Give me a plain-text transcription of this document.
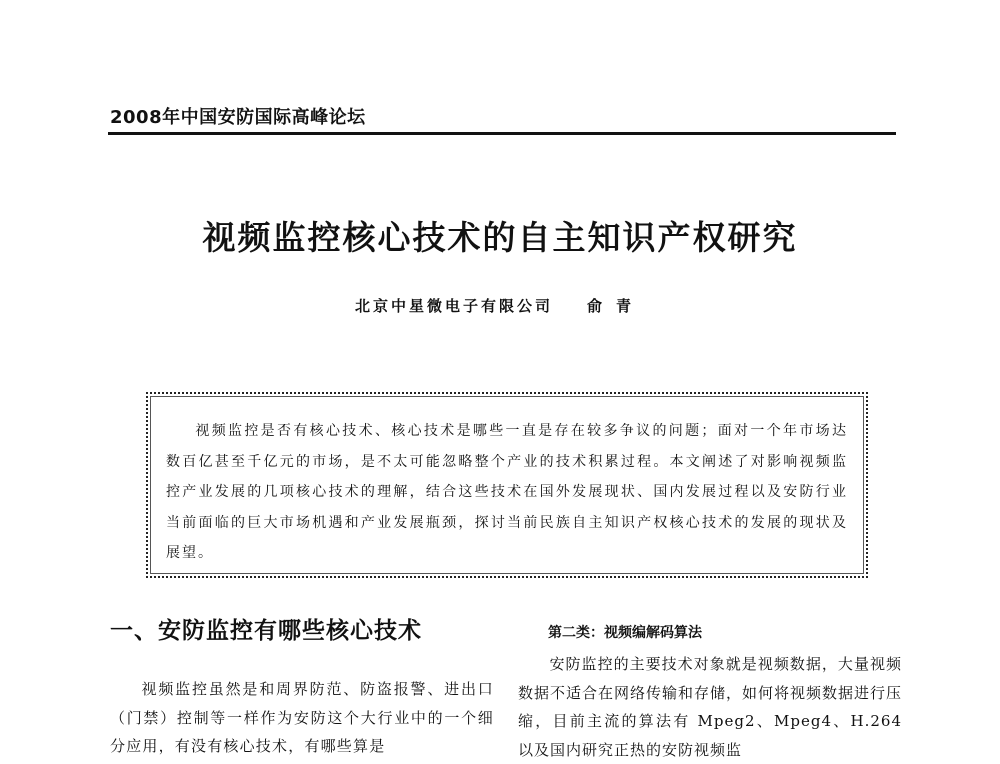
2008年中国安防国际高峰论坛
视频监控核心技术的自主知识产权研究
北京中星微电子有限公司 俞青
视频监控是否有核心技术、核心技术是哪些一直是存在较多争议的问题；面对一个年市场达数百亿甚至千亿元的市场，是不太可能忽略整个产业的技术积累过程。本文阐述了对影响视频监控产业发展的几项核心技术的理解，结合这些技术在国外发展现状、国内发展过程以及安防行业当前面临的巨大市场机遇和产业发展瓶颈，探讨当前民族自主知识产权核心技术的发展的现状及展望。
一、安防监控有哪些核心技术
视频监控虽然是和周界防范、防盗报警、进出口（门禁）控制等一样作为安防这个大行业中的一个细分应用，有没有核心技术，有哪些算是
第二类：视频编解码算法
安防监控的主要技术对象就是视频数据，大量视频数据不适合在网络传输和存储，如何将视频数据进行压缩，目前主流的算法有 Mpeg2、Mpeg4、H.264 以及国内研究正热的安防视频监
